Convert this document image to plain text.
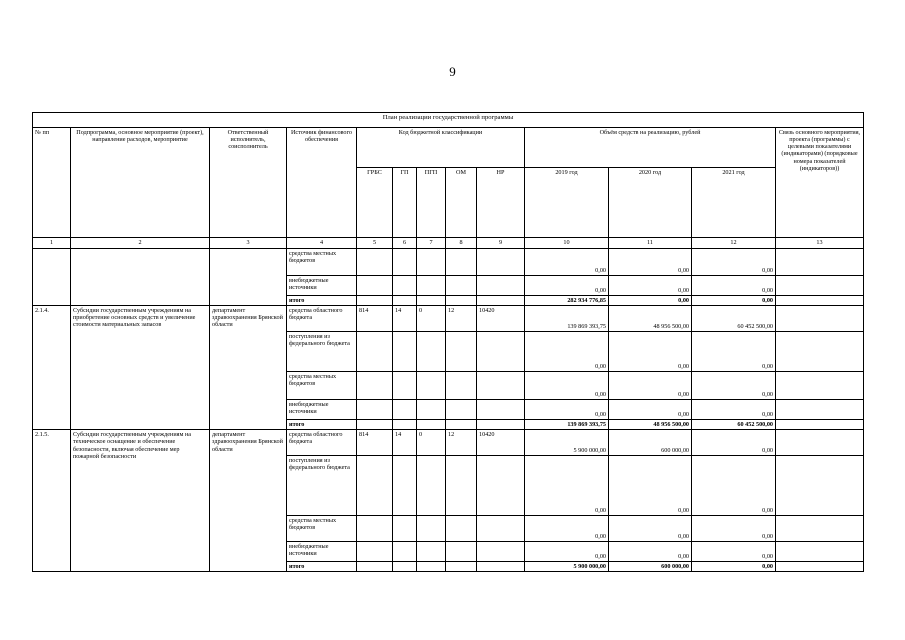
9
План реализации государственной программы												
№ пп	Подпрограмма, основное мероприятие (проект), направление расходов, мероприятие	Ответственный исполнитель, соисполнитель	Источник финансового обеспечения	Код бюджетной классификации					Объём средств на реализацию, рублей			Связь основного мероприятия, проекта (программы) с целевыми показателями (индикаторами) (порядковые номера показателей (индикаторов))
				ГРБС	ГП	ПГП	ОМ	НР	2019 год	2020 год	2021 год	
1	2	3	4	5	6	7	8	9	10	11	12	13
			средства местных бюджетов						0,00	0,00	0,00	
			внебюджетные источники						0,00	0,00	0,00	
			итого						282 934 776,85	0,00	0,00	
2.1.4.	Субсидии государственным учреждениям на приобретение основных средств и увеличение стоимости материальных запасов	департамент здравоохранения Брянской области	средства областного бюджета	814	14	0	12	10420	139 869 393,75	48 956 500,00	60 452 500,00	
			поступления из федерального бюджета						0,00	0,00	0,00	
			средства местных бюджетов						0,00	0,00	0,00	
			внебюджетные источники						0,00	0,00	0,00	
			итого						139 869 393,75	48 956 500,00	60 452 500,00	
2.1.5.	Субсидии государственным учреждениям на техническое оснащение и обеспечение безопасности, включая обеспечение мер пожарной безопасности	департамент здравоохранения Брянской области	средства областного бюджета	814	14	0	12	10420	5 900 000,00	600 000,00	0,00	
			поступления из федерального бюджета						0,00	0,00	0,00	
			средства местных бюджетов						0,00	0,00	0,00	
			внебюджетные источники						0,00	0,00	0,00	
			итого						5 900 000,00	600 000,00	0,00	
